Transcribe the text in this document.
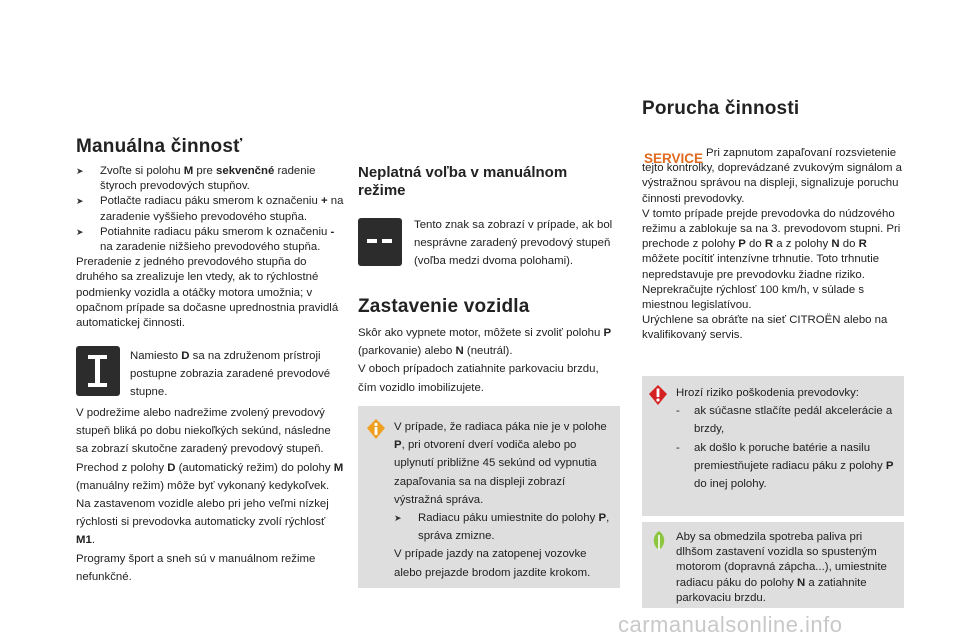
Manuálna činnosť
➤ Zvoľte si polohu M pre sekvenčné radenie štyroch prevodových stupňov.
➤ Potlačte radiacu páku smerom k označeniu + na zaradenie vyššieho prevodového stupňa.
➤ Potiahnite radiacu páku smerom k označeniu - na zaradenie nižšieho prevodového stupňa.

Preradenie z jedného prevodového stupňa do druhého sa zrealizuje len vtedy, ak to rýchlostné podmienky vozidla a otáčky motora umožnia; v opačnom prípade sa dočasne uprednostnia pravidlá automatickej činnosti.

Namiesto D sa na združenom prístroji postupne zobrazia zaradené prevodové stupne.

V podrežime alebo nadrežime zvolený prevodový stupeň bliká po dobu niekoľkých sekúnd, následne sa zobrazí skutočne zaradený prevodový stupeň.

Prechod z polohy D (automatický režim) do polohy M (manuálny režim) môže byť vykonaný kedykoľvek.

Na zastavenom vozidle alebo pri jeho veľmi nízkej rýchlosti si prevodovka automaticky zvolí rýchlosť M1.

Programy šport a sneh sú v manuálnom režime nefunkčné.

Neplatná voľba v manuálnom režime
Tento znak sa zobrazí v prípade, ak bol nesprávne zaradený prevodový stupeň (voľba medzi dvoma polohami).
Zastavenie vozidla

Skôr ako vypnete motor, môžete si zvoliť polohu P (parkovanie) alebo N (neutrál).

V oboch prípadoch zatiahnite parkovaciu brzdu, čím vozidlo imobilizujete.

V prípade, že radiaca páka nie je v polohe P, pri otvorení dverí vodiča alebo po uplynutí približne 45 sekúnd od vypnutia zapaľovania sa na displeji zobrazí výstražná správa.

➤ Radiacu páku umiestnite do polohy P, správa zmizne.

V prípade jazdy na zatopenej vozovke alebo prejazde brodom jazdite krokom.

Porucha činnosti
SERVICE Pri zapnutom zapaľovaní rozsvietenie tejto kontrolky, doprevádzané zvukovým signálom a výstražnou správou na displeji, signalizuje poruchu činnosti prevodovky.

V tomto prípade prejde prevodovka do núdzového režimu a zablokuje sa na 3. prevodovom stupni. Pri prechode z polohy P do R a z polohy N do R môžete pocítiť intenzívne trhnutie. Toto trhnutie nepredstavuje pre prevodovku žiadne riziko.

Neprekračujte rýchlosť 100 km/h, v súlade s miestnou legislatívou.

Urýchlene sa obráťte na sieť CITROËN alebo na kvalifikovaný servis.

Hrozí riziko poškodenia prevodovky:

- ak súčasne stlačíte pedál akcelerácie a brzdy,
- ak došlo k poruche batérie a nasilu premiestňujete radiacu páku z polohy P do inej polohy.
Aby sa obmedzila spotreba paliva pri dlhšom zastavení vozidla so spusteným motorom (dopravná zápcha...), umiestnite radiacu páku do polohy N a zatiahnite parkovaciu brzdu.
carmanualsonline.info
